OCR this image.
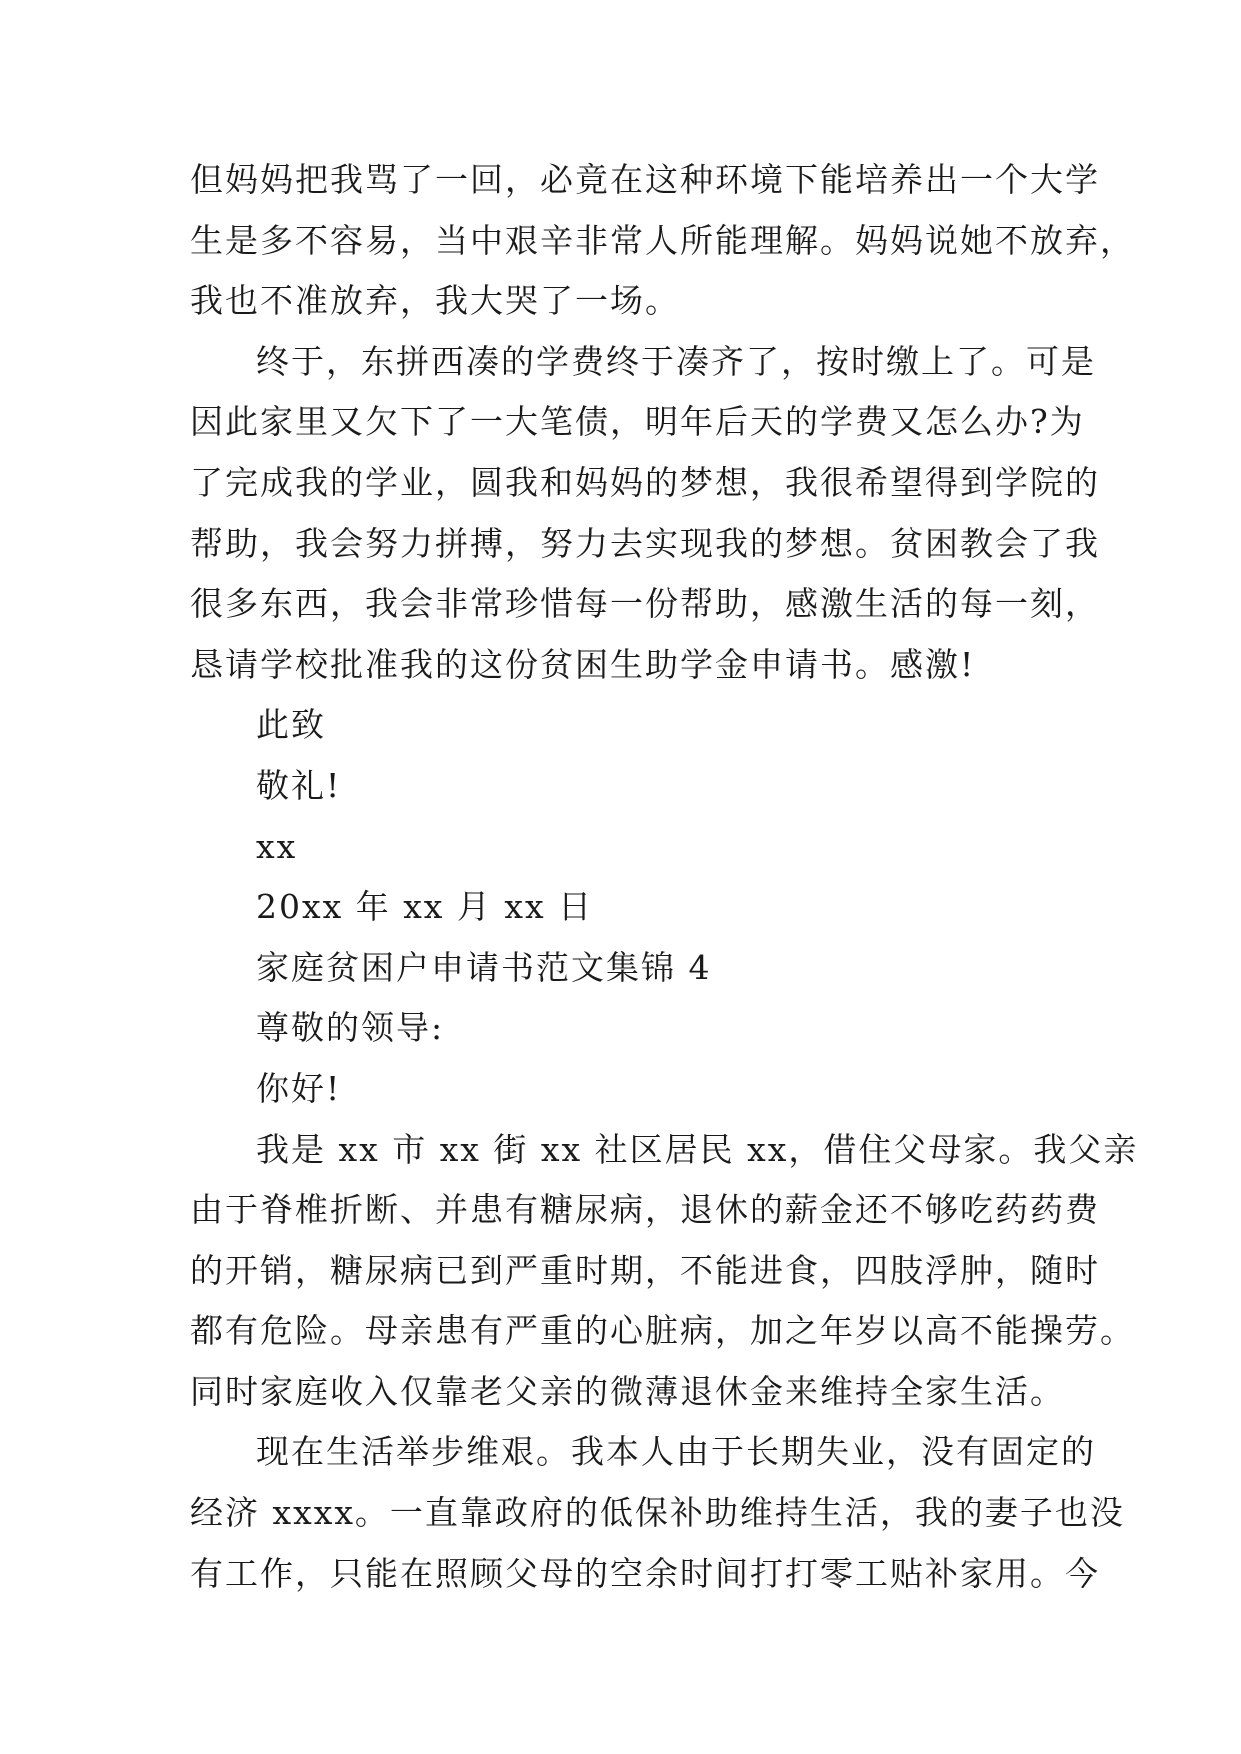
但妈妈把我骂了一回，必竟在这种环境下能培养出一个大学
生是多不容易，当中艰辛非常人所能理解。妈妈说她不放弃，
我也不准放弃，我大哭了一场。
终于，东拼西凑的学费终于凑齐了，按时缴上了。可是
因此家里又欠下了一大笔债，明年后天的学费又怎么办?为
了完成我的学业，圆我和妈妈的梦想，我很希望得到学院的
帮助，我会努力拼搏，努力去实现我的梦想。贫困教会了我
很多东西，我会非常珍惜每一份帮助，感激生活的每一刻，
恳请学校批准我的这份贫困生助学金申请书。感激!
此致
敬礼!
xx
20xx 年 xx 月 xx 日
家庭贫困户申请书范文集锦 4
尊敬的领导:
你好!
我是 xx 市 xx 街 xx 社区居民 xx，借住父母家。我父亲
由于脊椎折断、并患有糖尿病，退休的薪金还不够吃药药费
的开销，糖尿病已到严重时期，不能进食，四肢浮肿，随时
都有危险。母亲患有严重的心脏病，加之年岁以高不能操劳。
同时家庭收入仅靠老父亲的微薄退休金来维持全家生活。
现在生活举步维艰。我本人由于长期失业，没有固定的
经济 xxxx。一直靠政府的低保补助维持生活，我的妻子也没
有工作，只能在照顾父母的空余时间打打零工贴补家用。今
